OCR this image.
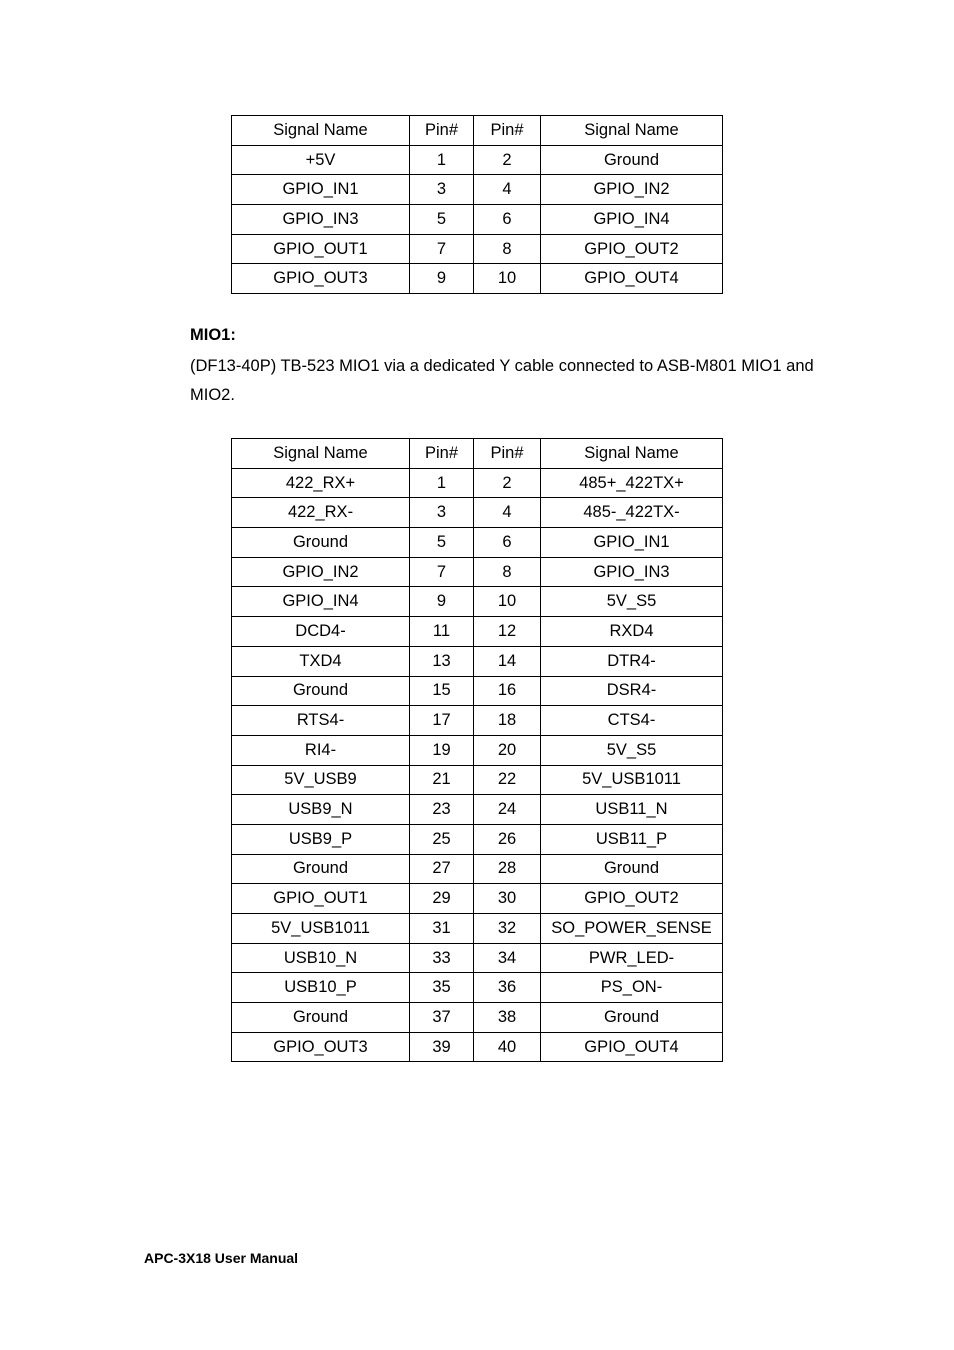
Signal Name	Pin#	Pin#	Signal Name
+5V	1	2	Ground
GPIO_IN1	3	4	GPIO_IN2
GPIO_IN3	5	6	GPIO_IN4
GPIO_OUT1	7	8	GPIO_OUT2
GPIO_OUT3	9	10	GPIO_OUT4
MIO1:
(DF13-40P) TB-523 MIO1 via a dedicated Y cable connected to ASB-M801 MIO1 and MIO2.
Signal Name	Pin#	Pin#	Signal Name
422_RX+	1	2	485+_422TX+
422_RX-	3	4	485-_422TX-
Ground	5	6	GPIO_IN1
GPIO_IN2	7	8	GPIO_IN3
GPIO_IN4	9	10	5V_S5
DCD4-	11	12	RXD4
TXD4	13	14	DTR4-
Ground	15	16	DSR4-
RTS4-	17	18	CTS4-
RI4-	19	20	5V_S5
5V_USB9	21	22	5V_USB1011
USB9_N	23	24	USB11_N
USB9_P	25	26	USB11_P
Ground	27	28	Ground
GPIO_OUT1	29	30	GPIO_OUT2
5V_USB1011	31	32	SO_POWER_SENSE
USB10_N	33	34	PWR_LED-
USB10_P	35	36	PS_ON-
Ground	37	38	Ground
GPIO_OUT3	39	40	GPIO_OUT4
APC-3X18 User Manual
